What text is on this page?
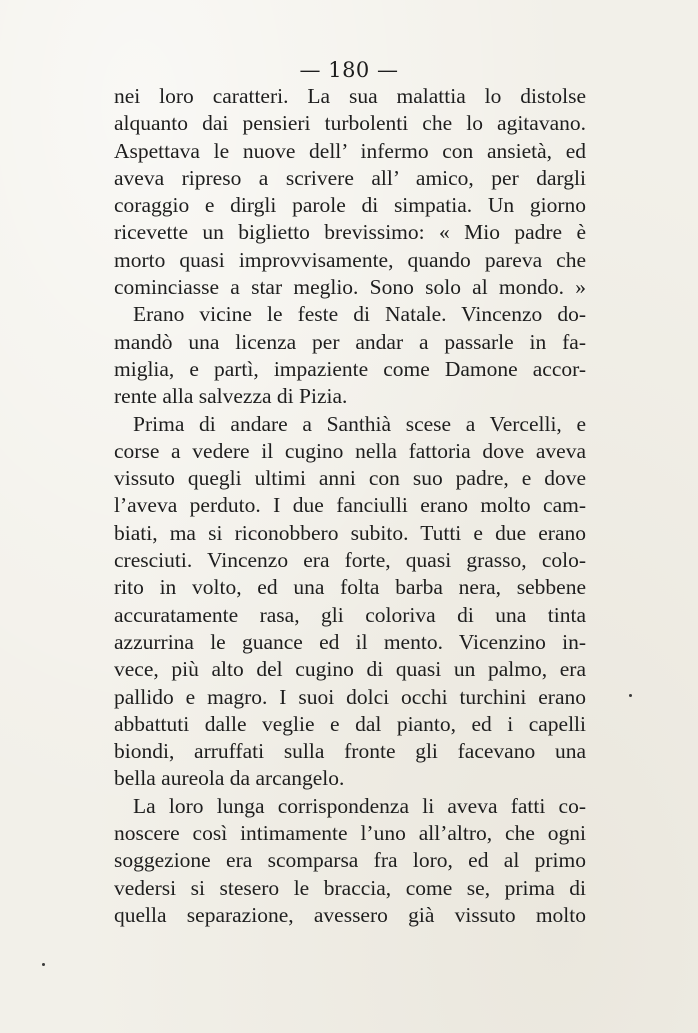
— 180 —
nei loro caratteri. La sua malattia lo distolse
alquanto dai pensieri turbolenti che lo agitavano.
Aspettava le nuove dell’ infermo con ansietà, ed
aveva ripreso a scrivere all’ amico, per dargli
coraggio e dirgli parole di simpatia. Un giorno
ricevette un biglietto brevissimo: « Mio padre è
morto quasi improvvisamente, quando pareva che
cominciasse a star meglio. Sono solo al mondo. »
Erano vicine le feste di Natale. Vincenzo do-
mandò una licenza per andar a passarle in fa-
miglia, e partì, impaziente come Damone accor-
rente alla salvezza di Pizia.
Prima di andare a Santhià scese a Vercelli, e
corse a vedere il cugino nella fattoria dove aveva
vissuto quegli ultimi anni con suo padre, e dove
l’aveva perduto. I due fanciulli erano molto cam-
biati, ma si riconobbero subito. Tutti e due erano
cresciuti. Vincenzo era forte, quasi grasso, colo-
rito in volto, ed una folta barba nera, sebbene
accuratamente rasa, gli coloriva di una tinta
azzurrina le guance ed il mento. Vicenzino in-
vece, più alto del cugino di quasi un palmo, era
pallido e magro. I suoi dolci occhi turchini erano
abbattuti dalle veglie e dal pianto, ed i capelli
biondi, arruffati sulla fronte gli facevano una
bella aureola da arcangelo.
La loro lunga corrispondenza li aveva fatti co-
noscere così intimamente l’uno all’altro, che ogni
soggezione era scomparsa fra loro, ed al primo
vedersi si stesero le braccia, come se, prima di
quella separazione, avessero già vissuto molto
